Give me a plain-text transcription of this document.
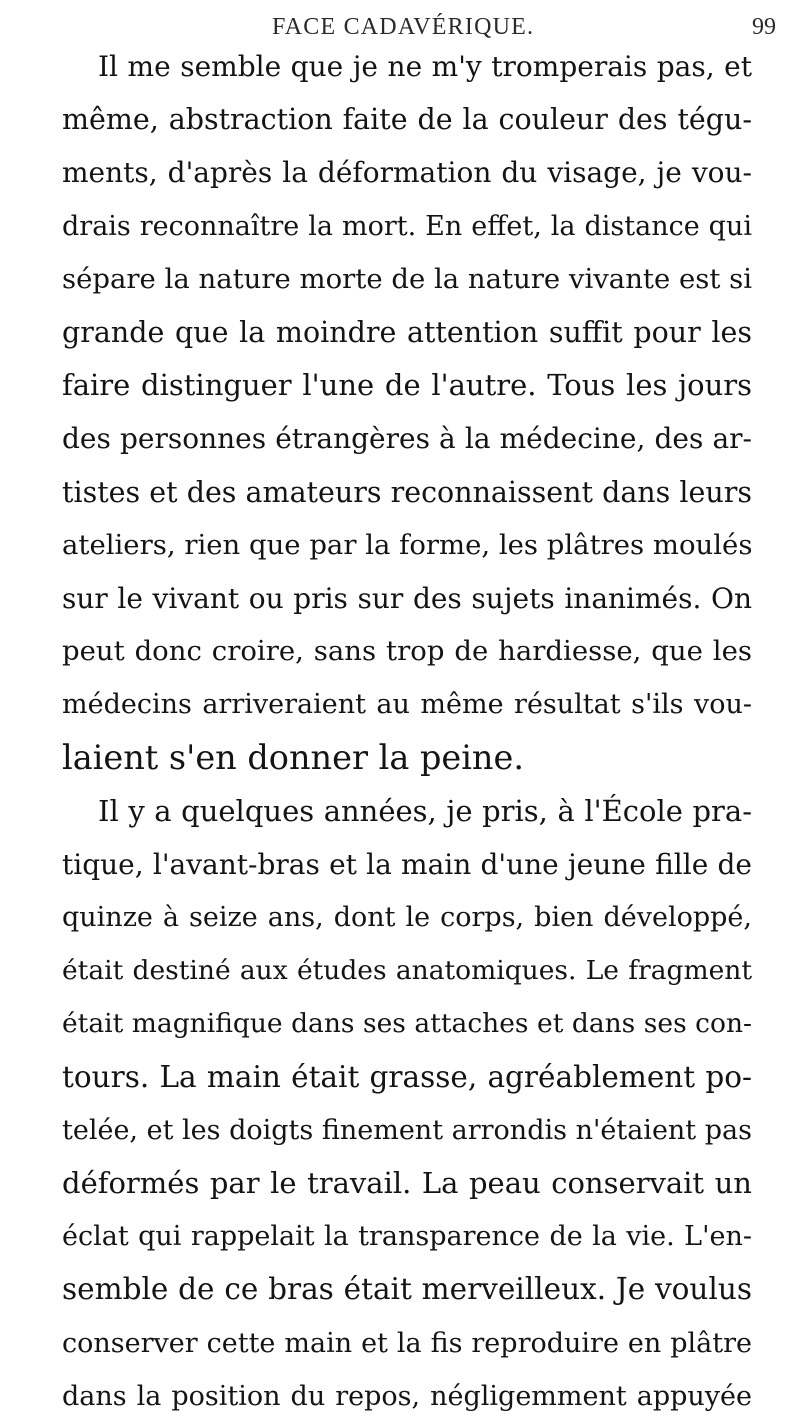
FACE CADAVÉRIQUE.	99
Il me semble que je ne m'y tromperais pas, et
même, abstraction faite de la couleur des tégu-
ments, d'après la déformation du visage, je vou-
drais reconnaître la mort. En effet, la distance qui
sépare la nature morte de la nature vivante est si
grande que la moindre attention suffit pour les
faire distinguer l'une de l'autre. Tous les jours
des personnes étrangères à la médecine, des ar-
tistes et des amateurs reconnaissent dans leurs
ateliers, rien que par la forme, les plâtres moulés
sur le vivant ou pris sur des sujets inanimés. On
peut donc croire, sans trop de hardiesse, que les
médecins arriveraient au même résultat s'ils vou-
laient s'en donner la peine.
Il y a quelques années, je pris, à l'École pra-
tique, l'avant-bras et la main d'une jeune fille de
quinze à seize ans, dont le corps, bien développé,
était destiné aux études anatomiques. Le fragment
était magnifique dans ses attaches et dans ses con-
tours. La main était grasse, agréablement po-
telée, et les doigts finement arrondis n'étaient pas
déformés par le travail. La peau conservait un
éclat qui rappelait la transparence de la vie. L'en-
semble de ce bras était merveilleux. Je voulus
conserver cette main et la fis reproduire en plâtre
dans la position du repos, négligemment appuyée
